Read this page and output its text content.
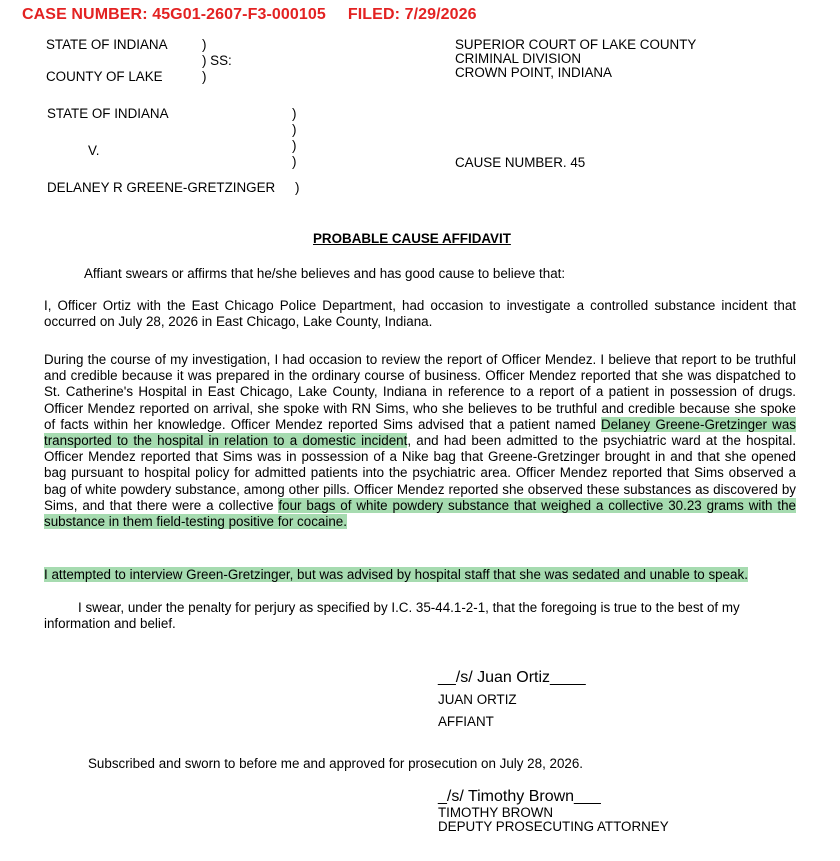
CASE NUMBER: 45G01-2607-F3-000105 FILED: 7/29/2026
STATE OF INDIANA	)
) SS:
COUNTY OF LAKE	)
SUPERIOR COURT OF LAKE COUNTY
CRIMINAL DIVISION
CROWN POINT, INDIANA
STATE OF INDIANA
V.
DELANEY R GREENE-GRETZINGER
)
)
)
)
)
CAUSE NUMBER. 45
PROBABLE CAUSE AFFIDAVIT
Affiant swears or affirms that he/she believes and has good cause to believe that:
I, Officer Ortiz with the East Chicago Police Department, had occasion to investigate a controlled substance incident that occurred on July 28, 2026 in East Chicago, Lake County, Indiana.
During the course of my investigation, I had occasion to review the report of Officer Mendez. I believe that report to be truthful and credible because it was prepared in the ordinary course of business. Officer Mendez reported that she was dispatched to St. Catherine's Hospital in East Chicago, Lake County, Indiana in reference to a report of a patient in possession of drugs. Officer Mendez reported on arrival, she spoke with RN Sims, who she believes to be truthful and credible because she spoke of facts within her knowledge. Officer Mendez reported Sims advised that a patient named Delaney Greene-Gretzinger was transported to the hospital in relation to a domestic incident, and had been admitted to the psychiatric ward at the hospital. Officer Mendez reported that Sims was in possession of a Nike bag that Greene-Gretzinger brought in and that she opened bag pursuant to hospital policy for admitted patients into the psychiatric area. Officer Mendez reported that Sims observed a bag of white powdery substance, among other pills. Officer Mendez reported she observed these substances as discovered by Sims, and that there were a collective four bags of white powdery substance that weighed a collective 30.23 grams with the substance in them field-testing positive for cocaine.
I attempted to interview Green-Gretzinger, but was advised by hospital staff that she was sedated and unable to speak.
I swear, under the penalty for perjury as specified by I.C. 35-44.1-2-1, that the foregoing is true to the best of my information and belief.
__/s/ Juan Ortiz____
JUAN ORTIZ
AFFIANT
Subscribed and sworn to before me and approved for prosecution on July 28, 2026.
_/s/ Timothy Brown___
TIMOTHY BROWN
DEPUTY PROSECUTING ATTORNEY
